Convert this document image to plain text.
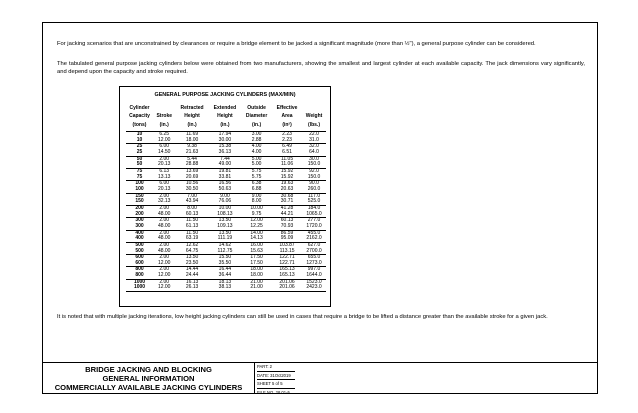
For jacking scenarios that are unconstrained by clearances or require a bridge element to be jacked a significant magnitude (more than ½"), a general purpose cylinder can be considered.

The tabulated general purpose jacking cylinders below were obtained from two manufacturers, showing the smallest and largest cylinder at each available capacity. The jack dimensions vary significantly, and depend upon the capacity and stroke required.

GENERAL PURPOSE JACKING CYLINDERS (MAX/MIN)
Cylinder		Retracted	Extended	Outside	Effective	
Capacity	Stroke	Height	Height	Diameter	Area	Weight
(tons)	(in.)	(in.)	(in.)	(in.)	(in²)	(lbs.)
10	6.25	11.69	17.94	3.00	2.23	22.0
10	12.00	18.00	30.00	2.88	2.23	31.0
25	6.00	9.38	15.38	4.00	6.49	32.0
25	14.50	21.63	36.13	4.00	6.51	64.0
50	2.00	5.44	7.44	5.00	11.05	30.0
50	20.13	28.88	49.00	5.00	11.06	150.0
75	6.13	13.69	19.81	5.75	15.92	92.0
75	13.13	20.69	33.81	5.75	15.92	150.0
100	6.00	10.56	16.56	6.38	19.63	90.0
100	20.13	30.50	50.63	6.88	20.63	260.0
150	2.00	7.00	9.00	9.00	30.68	117.0
150	32.13	43.94	76.06	8.00	30.71	525.0
200	2.00	8.00	10.00	10.00	41.28	184.0
200	48.00	60.13	108.13	9.75	44.21	1065.0
300	2.00	11.50	13.50	12.00	60.13	277.0
300	48.00	61.13	109.13	12.25	70.93	1720.0
400	2.00	11.50	13.50	14.00	86.59	455.0
400	48.00	63.19	111.19	14.13	95.09	2162.0
500	2.00	12.62	14.62	16.00	103.87	627.0
500	48.00	64.75	112.75	15.63	113.15	2700.0
600	2.00	13.50	15.50	17.50	122.71	655.0
600	12.00	23.50	35.50	17.50	122.71	1273.0
800	2.00	14.44	16.44	18.00	165.13	997.0
800	12.00	24.44	36.44	18.00	165.13	1644.0
1000	2.00	16.13	18.13	21.00	201.06	1523.0
1000	12.00	26.13	38.13	21.00	201.06	2423.0

It is noted that with multiple jacking iterations, low height jacking cylinders can still be used in cases that require a bridge to be lifted a distance greater than the available stroke for a given jack.

BRIDGE JACKING AND BLOCKING
GENERAL INFORMATION
COMMERCIALLY AVAILABLE JACKING CYLINDERS
PART: 2
DATE: 31Oct2019
SHEET 5 of 5
FILE NO. 28.01-5
